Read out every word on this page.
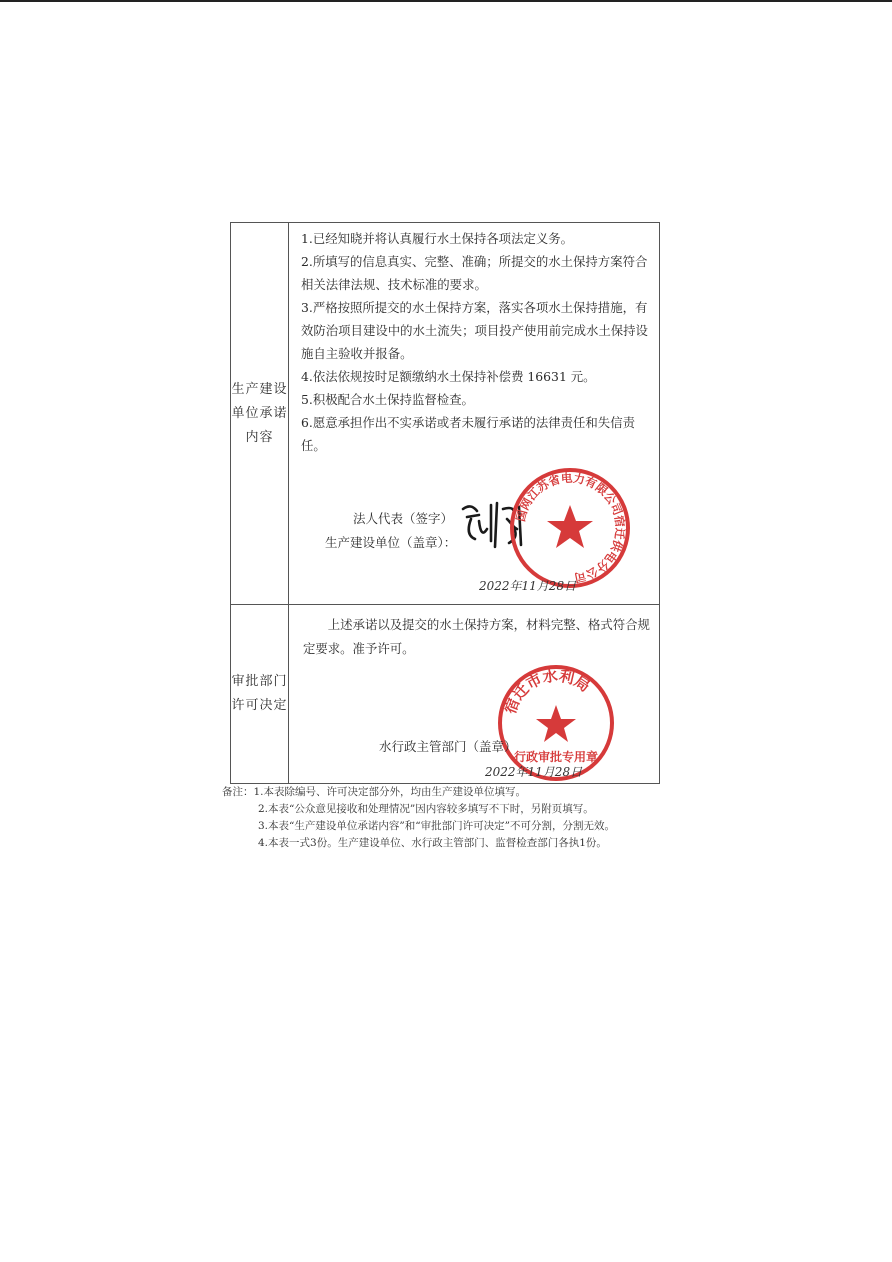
生产建设单位承诺内容
1.已经知晓并将认真履行水土保持各项法定义务。
2.所填写的信息真实、完整、准确；所提交的水土保持方案符合相关法律法规、技术标准的要求。
3.严格按照所提交的水土保持方案，落实各项水土保持措施，有效防治项目建设中的水土流失；项目投产使用前完成水土保持设施自主验收并报备。
4.依法依规按时足额缴纳水土保持补偿费 16631 元。
5.积极配合水土保持监督检查。
6.愿意承担作出不实承诺或者未履行承诺的法律责任和失信责任。
法人代表（签字）
生产建设单位（盖章）：
国网江苏省电力有限公司宿迁供电分公司
2022年11月28日
审批部门许可决定
上述承诺以及提交的水土保持方案，材料完整、格式符合规定要求。准予许可。
宿迁市水利局
行政审批专用章
水行政主管部门（盖章）
2022年11月28日
备注：1.本表除编号、许可决定部分外，均由生产建设单位填写。
2.本表“公众意见接收和处理情况”因内容较多填写不下时，另附页填写。
3.本表“生产建设单位承诺内容”和“审批部门许可决定”不可分割，分割无效。
4.本表一式3份。生产建设单位、水行政主管部门、监督检查部门各执1份。
